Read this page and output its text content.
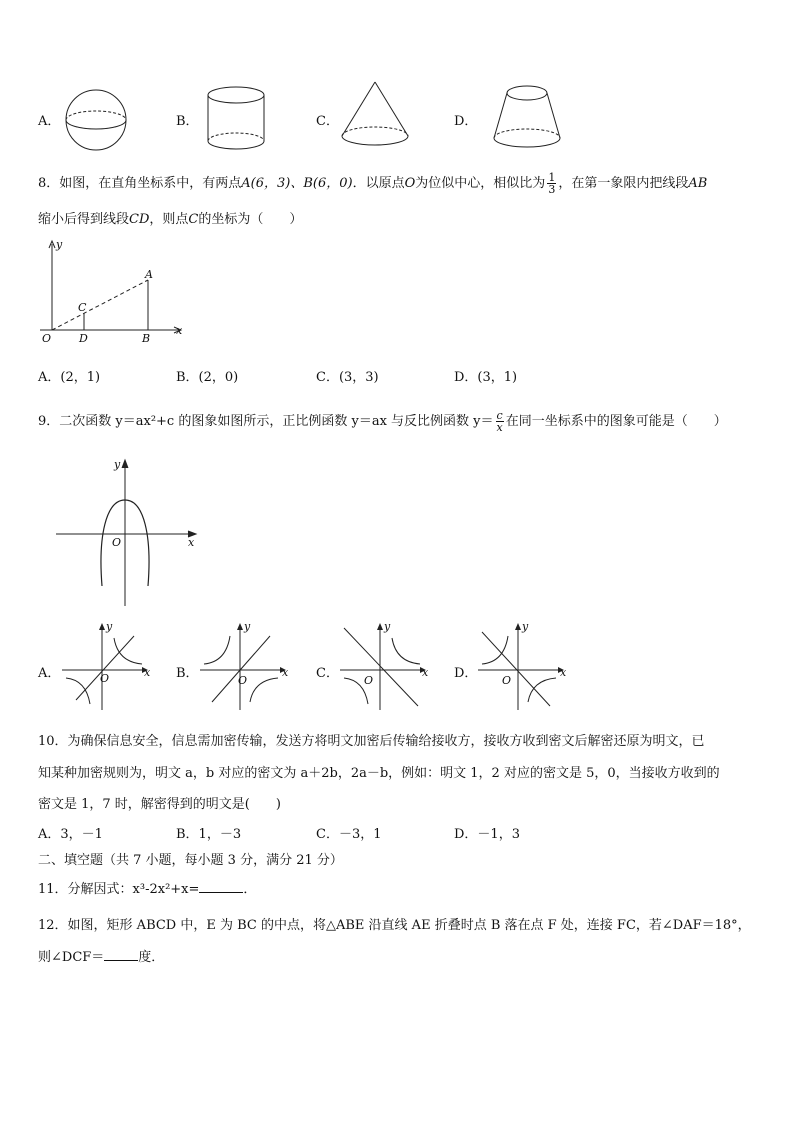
A．	B．	C．	D．
8．如图，在直角坐标系中，有两点A(6，3)、B(6，0)．以原点O为位似中心，相似比为 $\frac{1}{3}$ ，在第一象限内把线段AB
缩小后得到线段CD，则点C的坐标为（　　）
y
x
O
A
B
C
D
A．(2，1)	B．(2，0)	C．(3，3)	D．(3，1)
9．二次函数 y＝ax²+c 的图象如图所示，正比例函数 y＝ax 与反比例函数 $y= \frac{c}{x}$ 在同一坐标系中的图象可能是（　　）
y
x
O
A．
y
x
O	B．
y
x
O	C．
y
x
O	D．
y
x
O
10．为确保信息安全，信息需加密传输，发送方将明文加密后传输给接收方，接收方收到密文后解密还原为明文，已
知某种加密规则为，明文 a，b 对应的密文为 a＋2b，2a－b，例如：明文 1，2 对应的密文是 5，0，当接收方收到的
密文是 1，7 时，解密得到的明文是(　　)
A．3，－1	B．1，－3	C．－3，1	D．－1，3
二、填空题（共 7 小题，每小题 3 分，满分 21 分）
11．分解因式：x³-2x²+x=	．
12．如图，矩形 ABCD 中，E 为 BC 的中点，将△ABE 沿直线 AE 折叠时点 B 落在点 F 处，连接 FC，若∠DAF＝18°，
则∠DCF＝	度．
